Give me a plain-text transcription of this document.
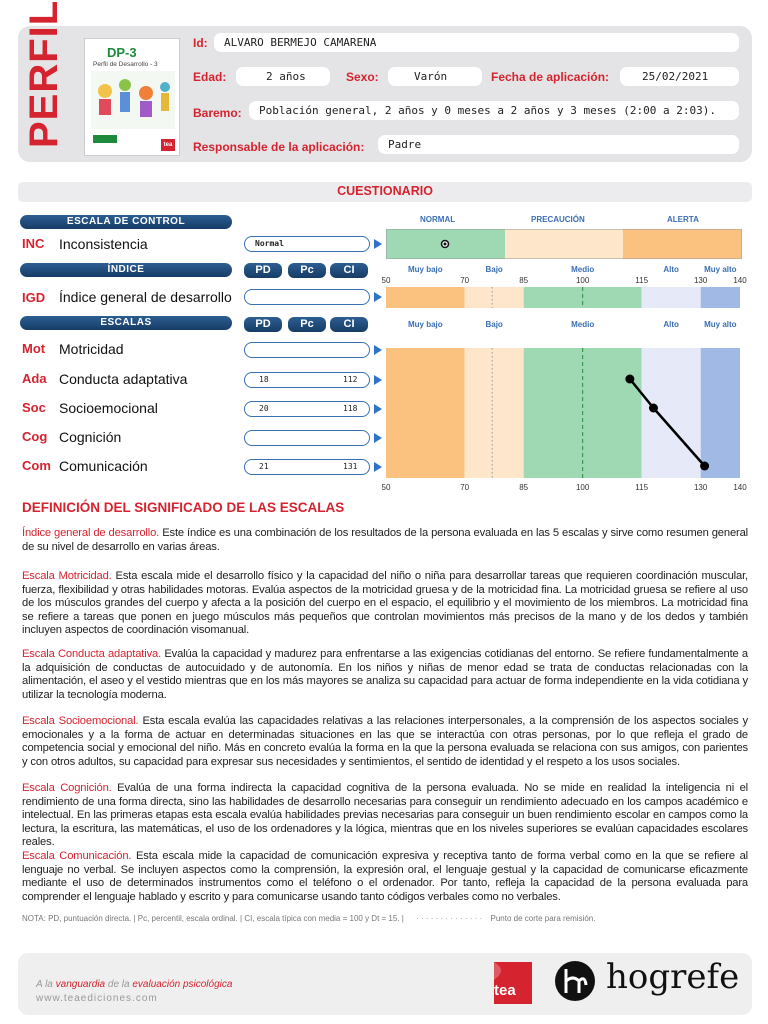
PERFIL	DP-3
Perfil de Desarrollo - 3
tea
Id:	ALVARO BERMEJO CAMARENA
Edad:	2 años	Sexo:	Varón	Fecha de aplicación:	25/02/2021
Baremo:	Población general, 2 años y 0 meses a 2 años y 3 meses (2:00 a 2:03).
Responsable de la aplicación:	Padre
CUESTIONARIO
ESCALA DE CONTROL	NORMAL	PRECAUCIÓN	ALERTA
INC Inconsistencia	Normal
ÍNDICE	PD	Pc	CI	Muy bajo	Bajo	Medio	Alto	Muy alto
50	70	85	100	115	130	140
IGD Índice general de desarrollo
ESCALAS	PD	Pc	CI	Muy bajo	Bajo	Medio	Alto	Muy alto
50	70	85	100	115	130	140
Mot Motricidad
Ada Conducta adaptativa	18	112
Soc Socioemocional	20	118
Cog Cognición
Com Comunicación	21	131
DEFINICIÓN DEL SIGNIFICADO DE LAS ESCALAS
Índice general de desarrollo. Este índice es una combinación de los resultados de la persona evaluada en las 5 escalas y sirve como resumen general de su nivel de desarrollo en varias áreas.
Escala Motricidad. Esta escala mide el desarrollo físico y la capacidad del niño o niña para desarrollar tareas que requieren coordinación muscular, fuerza, flexibilidad y otras habilidades motoras. Evalúa aspectos de la motricidad gruesa y de la motricidad fina. La motricidad gruesa se refiere al uso de los músculos grandes del cuerpo y afecta a la posición del cuerpo en el espacio, el equilibrio y el movimiento de los miembros. La motricidad fina se refiere a tareas que ponen en juego músculos más pequeños que controlan movimientos más precisos de la mano y de los dedos y también incluyen aspectos de coordinación visomanual.
Escala Conducta adaptativa. Evalúa la capacidad y madurez para enfrentarse a las exigencias cotidianas del entorno. Se refiere fundamentalmente a la adquisición de conductas de autocuidado y de autonomía. En los niños y niñas de menor edad se trata de conductas relacionadas con la alimentación, el aseo y el vestido mientras que en los más mayores se analiza su capacidad para actuar de forma independiente en la vida cotidiana y utilizar la tecnología moderna.
Escala Socioemocional. Esta escala evalúa las capacidades relativas a las relaciones interpersonales, a la comprensión de los aspectos sociales y emocionales y a la forma de actuar en determinadas situaciones en las que se interactúa con otras personas, por lo que refleja el grado de competencia social y emocional del niño. Más en concreto evalúa la forma en la que la persona evaluada se relaciona con sus amigos, con parientes y con otros adultos, su capacidad para expresar sus necesidades y sentimientos, el sentido de identidad y el respeto a los usos sociales.
Escala Cognición. Evalúa de una forma indirecta la capacidad cognitiva de la persona evaluada. No se mide en realidad la inteligencia ni el rendimiento de una forma directa, sino las habilidades de desarrollo necesarias para conseguir un rendimiento adecuado en los campos académico e intelectual. En las primeras etapas esta escala evalúa habilidades previas necesarias para conseguir un buen rendimiento escolar en campos como la lectura, la escritura, las matemáticas, el uso de los ordenadores y la lógica, mientras que en los niveles superiores se evalúan capacidades escolares reales.
Escala Comunicación. Esta escala mide la capacidad de comunicación expresiva y receptiva tanto de forma verbal como en la que se refiere al lenguaje no verbal. Se incluyen aspectos como la comprensión, la expresión oral, el lenguaje gestual y la capacidad de comunicarse eficazmente mediante el uso de determinados instrumentos como el teléfono o el ordenador. Por tanto, refleja la capacidad de la persona evaluada para comprender el lenguaje hablado y escrito y para comunicarse usando tanto códigos verbales como no verbales.
NOTA: PD, puntuación directa. | Pc, percentil, escala ordinal. | CI, escala típica con media = 100 y Dt = 15. | · · · · · · · · · · · · · · Punto de corte para remisión.
A la vanguardia de la evaluación psicológica
www.teaediciones.com	tea	hogrefe
